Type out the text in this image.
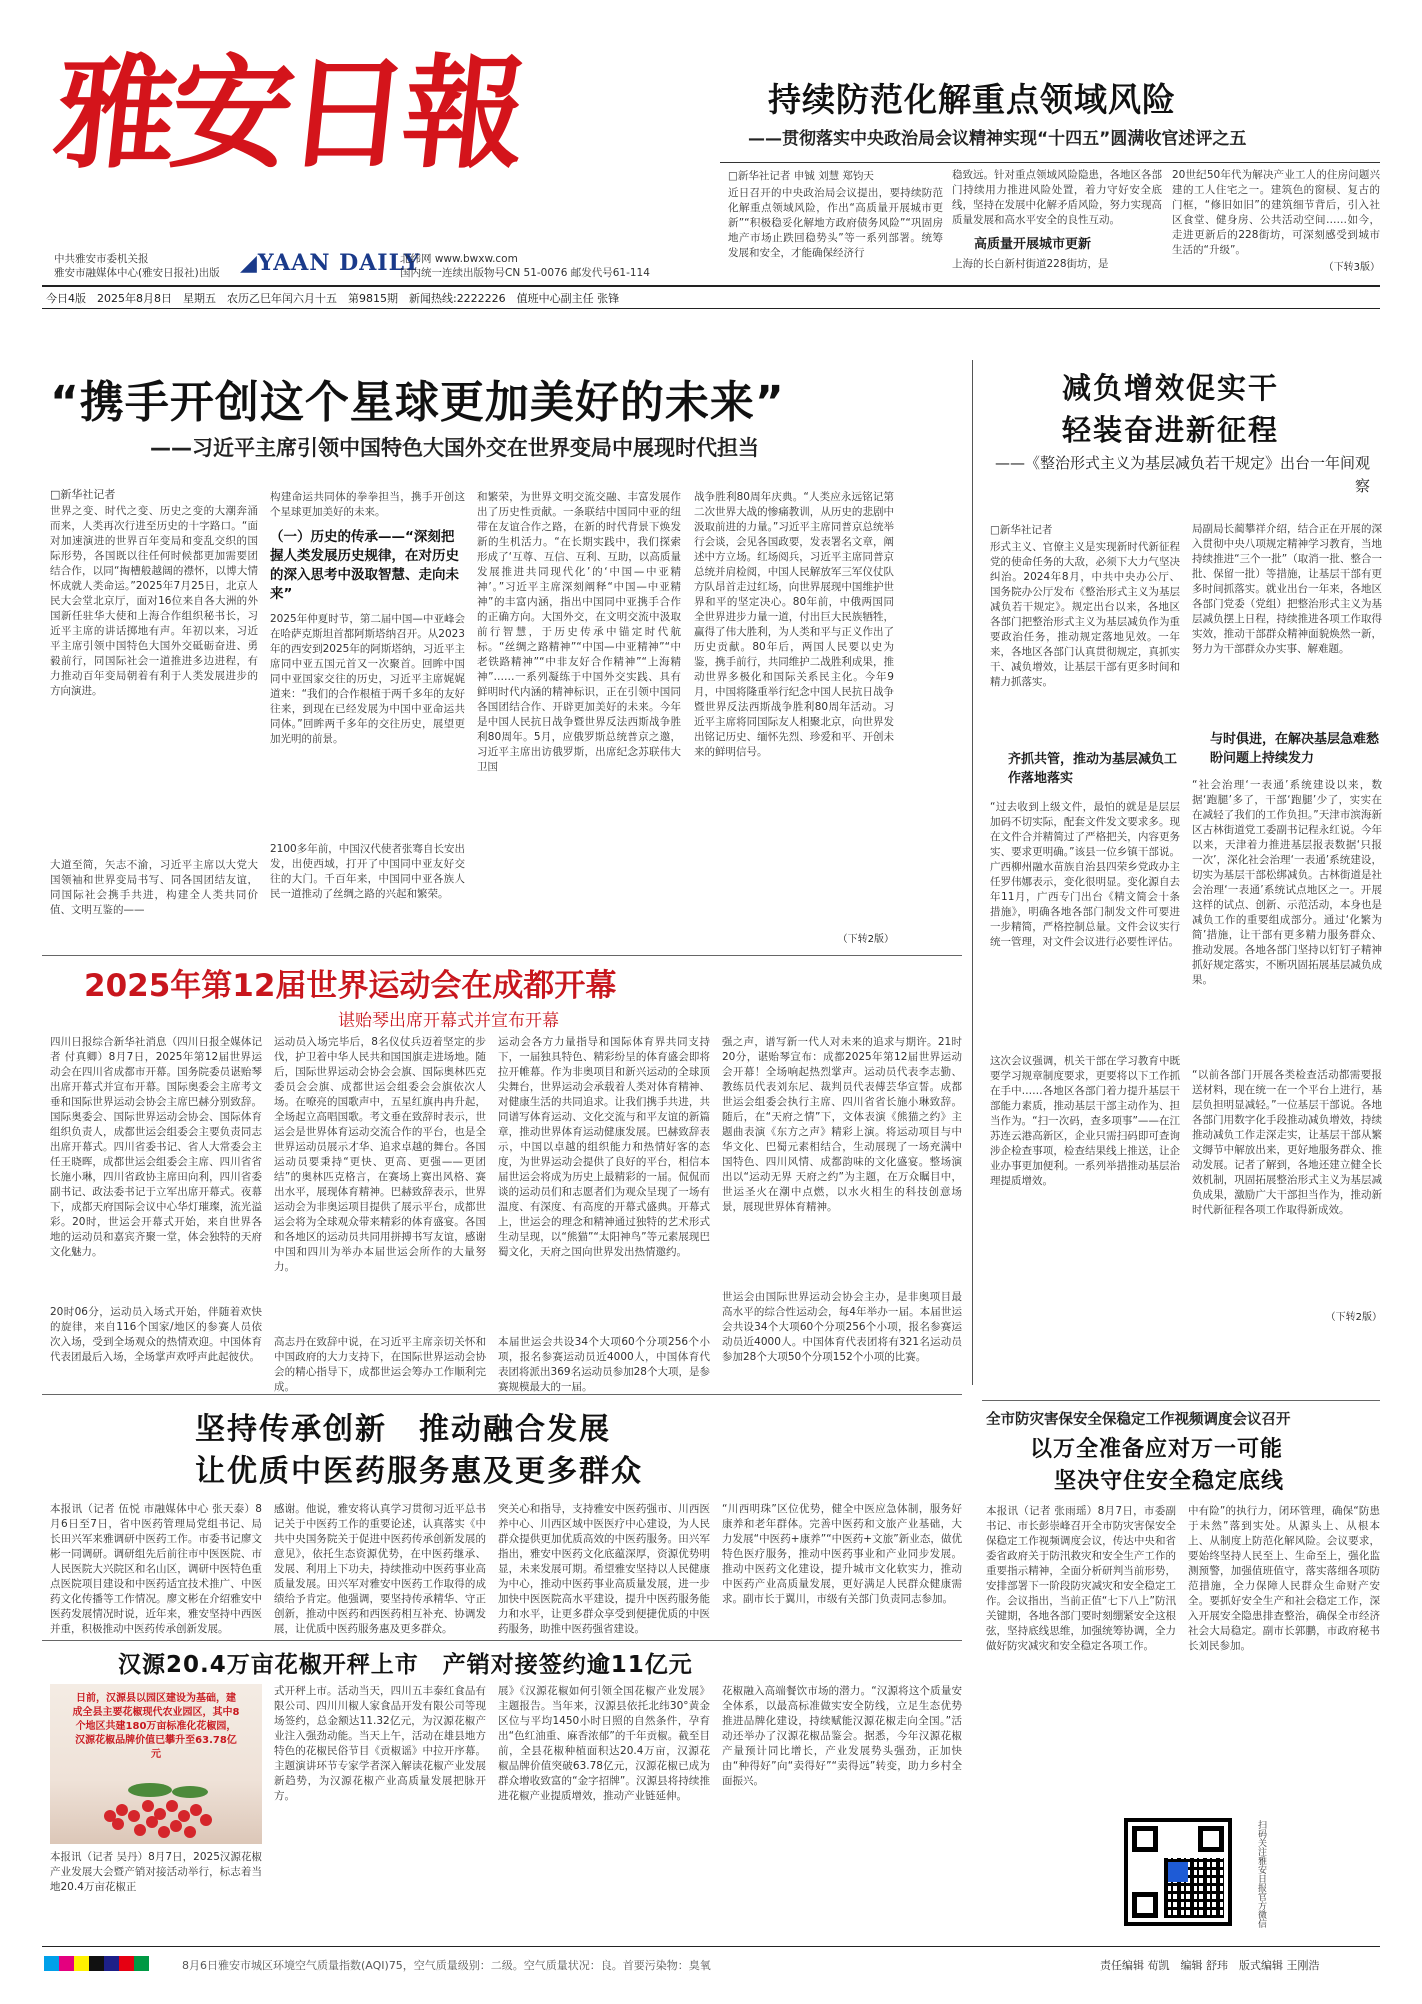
雅安日報
中共雅安市委机关报
雅安市融媒体中心(雅安日报社)出版 ◢YAAN DAILY
北纬网 www.bwxw.com
国内统一连续出版物号CN 51-0076 邮发代号61-114
今日4版　2025年8月8日　星期五　农历乙巳年闰六月十五　第9815期　新闻热线:2222226　值班中心副主任 张锋
持续防范化解重点领域风险
——贯彻落实中央政治局会议精神实现“十四五”圆满收官述评之五
□新华社记者 申铖 刘慧 郑钧天
近日召开的中央政治局会议提出，要持续防范化解重点领域风险，作出“高质量开展城市更新”“积极稳妥化解地方政府债务风险”“巩固房地产市场止跌回稳势头”等一系列部署。统筹发展和安全，才能确保经济行
稳致远。针对重点领域风险隐患，各地区各部门持续用力推进风险处置，着力守好安全底线，坚持在发展中化解矛盾风险，努力实现高质量发展和高水平安全的良性互动。
高质量开展城市更新
上海的长白新村街道228街坊，是
20世纪50年代为解决产业工人的住房问题兴建的工人住宅之一。建筑色的窗棂、复古的门框，“修旧如旧”的建筑细节背后，引入社区食堂、健身房、公共活动空间……如今，走进更新后的228街坊，可深刻感受到城市生活的“升级”。
（下转3版）
“携手开创这个星球更加美好的未来”
——习近平主席引领中国特色大国外交在世界变局中展现时代担当
□新华社记者
世界之变、时代之变、历史之变的大潮奔涌而来，人类再次行进至历史的十字路口。“面对加速演进的世界百年变局和变乱交织的国际形势，各国既以往任何时候都更加需要团结合作，以同“掏槽般越阔的襟怀，以博大情怀成就人类命运。”2025年7月25日，北京人民大会堂北京厅，面对16位来自各大洲的外国新任驻华大使和上海合作组织秘书长，习近平主席的讲话掷地有声。年初以来，习近平主席引领中国特色大国外交砥砺奋进、勇毅前行，同国际社会一道推进多边进程，有力推动百年变局朝着有利于人类发展进步的方向演进。
大道至简，矢志不渝，习近平主席以大党大国领袖和世界变局书写、同各国团结友谊，同国际社会携手共进，构建全人类共同价值、文明互鉴的——
构建命运共同体的拳拳担当，携手开创这个星球更加美好的未来。
（一）历史的传承——“深刻把握人类发展历史规律，在对历史的深入思考中汲取智慧、走向未来”
2025年仲夏时节，第二届中国—中亚峰会在哈萨克斯坦首都阿斯塔纳召开。从2023年的西安到2025年的阿斯塔纳，习近平主席同中亚五国元首又一次聚首。回眸中国同中亚国家交往的历史，习近平主席娓娓道来：“我们的合作根植于两千多年的友好往来，到现在已经发展为中国中亚命运共同体。”回眸两千多年的交往历史，展望更加光明的前景。
2100多年前，中国汉代使者张骞自长安出发，出使西域，打开了中国同中亚友好交往的大门。千百年来，中国同中亚各族人民一道推动了丝绸之路的兴起和繁荣。
和繁荣，为世界文明交流交融、丰富发展作出了历史性贡献。一条联结中国同中亚的纽带在友谊合作之路，在新的时代背景下焕发新的生机活力。“在长期实践中，我们探索形成了‘互尊、互信、互利、互助，以高质量发展推进共同现代化’的‘中国—中亚精神’。”习近平主席深刻阐释“中国—中亚精神”的丰富内涵，指出中国同中亚携手合作的正确方向。大国外交，在文明交流中汲取前行智慧，于历史传承中锚定时代航标。“丝绸之路精神”“中国—中亚精神”“中老铁路精神”“中非友好合作精神”“上海精神”……一系列凝练于中国外交实践、具有鲜明时代内涵的精神标识，正在引领中国同各国团结合作、开辟更加美好的未来。今年是中国人民抗日战争暨世界反法西斯战争胜利80周年。5月，应俄罗斯总统普京之邀，习近平主席出访俄罗斯，出席纪念苏联伟大卫国
战争胜利80周年庆典。“人类应永远铭记第二次世界大战的惨痛教训，从历史的悲剧中汲取前进的力量。”习近平主席同普京总统举行会谈，会见各国政要，发表署名文章，阐述中方立场。红场阅兵，习近平主席同普京总统并肩检阅，中国人民解放军三军仪仗队方队昂首走过红场，向世界展现中国维护世界和平的坚定决心。80年前，中俄两国同全世界进步力量一道，付出巨大民族牺牲，赢得了伟大胜利，为人类和平与正义作出了历史贡献。80年后，两国人民要以史为鉴，携手前行，共同维护二战胜利成果，推动世界多极化和国际关系民主化。今年9月，中国将隆重举行纪念中国人民抗日战争暨世界反法西斯战争胜利80周年活动。习近平主席将同国际友人相聚北京，向世界发出铭记历史、缅怀先烈、珍爱和平、开创未来的鲜明信号。
（下转2版）
减负增效促实干
轻装奋进新征程
——《整治形式主义为基层减负若干规定》出台一年间观察
□新华社记者
形式主义、官僚主义是实现新时代新征程党的使命任务的大敌，必须下大力气坚决纠治。2024年8月，中共中央办公厅、国务院办公厅发布《整治形式主义为基层减负若干规定》。规定出台以来，各地区各部门把整治形式主义为基层减负作为重要政治任务，推动规定落地见效。一年来，各地区各部门认真贯彻规定，真抓实干、减负增效，让基层干部有更多时间和精力抓落实。
齐抓共管，推动为基层减负工作落地落实
“过去收到上级文件，最怕的就是是层层加码不切实际，配套文件发文要求多。现在文件合并精简过了严格把关，内容更务实、要求更明确。”该县一位乡镇干部说。广西柳州融水苗族自治县四荣乡党政办主任罗伟娜表示，变化很明显。变化源自去年11月，广西专门出台《精文简会十条措施》，明确各地各部门制发文件可要进一步精简，严格控制总量。文件会议实行统一管理，对文件会议进行必要性评估。
这次会议强调，机关干部在学习教育中既要学习规章制度要求，更要将以下工作抓在手中……各地区各部门着力提升基层干部能力素质，推动基层干部主动作为、担当作为。“扫一次码，查多项事”——在江苏连云港高新区，企业只需扫码即可查询涉企检查事项，检查结果线上推送，让企业办事更加便利。一系列举措推动基层治理提质增效。
局副局长蔺攀祥介绍，结合正在开展的深入贯彻中央八项规定精神学习教育，当地持续推进“三个一批”（取消一批、整合一批、保留一批）等措施，让基层干部有更多时间抓落实。就业出台一年来，各地区各部门党委（党组）把整治形式主义为基层减负摆上日程，持续推进各项工作取得实效，推动干部群众精神面貌焕然一新，努力为干部群众办实事、解难题。
与时俱进，在解决基层急难愁盼问题上持续发力
“社会治理‘一表通’系统建设以来，数据‘跑腿’多了，干部‘跑腿’少了，实实在在减轻了我们的工作负担。”天津市滨海新区古林街道党工委副书记程永红说。今年以来，天津着力推进基层报表数据‘只报一次’，深化社会治理‘一表通’系统建设，切实为基层干部松绑减负。古林街道是社会治理‘一表通’系统试点地区之一。开展这样的试点、创新、示范活动，本身也是减负工作的重要组成部分。通过‘化繁为简’措施，让干部有更多精力服务群众、推动发展。各地各部门坚持以钉钉子精神抓好规定落实，不断巩固拓展基层减负成果。
“以前各部门开展各类检查活动都需要报送材料，现在统一在一个平台上进行，基层负担明显减轻。”一位基层干部说。各地各部门用数字化手段推动减负增效，持续推动减负工作走深走实，让基层干部从繁文缛节中解放出来，更好地服务群众、推动发展。记者了解到，各地还建立健全长效机制，巩固拓展整治形式主义为基层减负成果，激励广大干部担当作为，推动新时代新征程各项工作取得新成效。
（下转2版）
2025年第12届世界运动会在成都开幕
谌贻琴出席开幕式并宣布开幕
四川日报综合新华社消息（四川日报全媒体记者 付真卿）8月7日，2025年第12届世界运动会在四川省成都市开幕。国务院委员谌贻琴出席开幕式并宣布开幕。国际奥委会主席考文垂和国际世界运动会协会主席巴赫分别致辞。国际奥委会、国际世界运动会协会、国际体育组织负责人，成都世运会组委会主要负责同志出席开幕式。四川省委书记、省人大常委会主任王晓晖，成都世运会组委会主席、四川省省长施小琳，四川省政协主席田向利，四川省委副书记、政法委书记于立军出席开幕式。夜幕下，成都天府国际会议中心华灯璀璨，流光溢彩。20时，世运会开幕式开始，来自世界各地的运动员和嘉宾齐聚一堂，体会独特的天府文化魅力。
20时06分，运动员入场式开始，伴随着欢快的旋律，来自116个国家/地区的参赛人员依次入场，受到全场观众的热情欢迎。中国体育代表团最后入场，全场掌声欢呼声此起彼伏。
运动员入场完毕后，8名仪仗兵迈着坚定的步伐，护卫着中华人民共和国国旗走进场地。随后，国际世界运动会协会会旗、国际奥林匹克委员会会旗、成都世运会组委会会旗依次人场。在嘹亮的国歌声中，五星红旗冉冉升起，全场起立高唱国歌。考文垂在致辞时表示，世运会是世界体育运动交流合作的平台，也是全世界运动员展示才华、追求卓越的舞台。各国运动员要秉持“更快、更高、更强——更团结”的奥林匹克格言，在赛场上赛出风格、赛出水平，展现体育精神。巴赫致辞表示，世界运动会为非奥运项目提供了展示平台，成都世运会将为全球观众带来精彩的体育盛宴。各国和各地区的运动员共同用拼搏书写友谊，感谢中国和四川为举办本届世运会所作的大量努力。
高志丹在致辞中说，在习近平主席亲切关怀和中国政府的大力支持下，在国际世界运动会协会的精心指导下，成都世运会筹办工作顺利完成。
运动会各方力量指导和国际体育界共同支持下，一届独具特色、精彩纷呈的体育盛会即将拉开帷幕。作为非奥项目和新兴运动的全球顶尖舞台，世界运动会承载着人类对体育精神、对健康生活的共同追求。让我们携手共进，共同谱写体育运动、文化交流与和平友谊的新篇章，推动世界体育运动健康发展。巴赫致辞表示，中国以卓越的组织能力和热情好客的态度，为世界运动会提供了良好的平台，相信本届世运会将成为历史上最精彩的一届。侃侃而谈的运动员们和志愿者们为观众呈现了一场有温度、有深度、有高度的开幕式盛典。开幕式上，世运会的理念和精神通过独特的艺术形式生动呈现，以“熊猫”“太阳神鸟”等元素展现巴蜀文化，天府之国向世界发出热情邀约。
本届世运会共设34个大项60个分项256个小项，报名参赛运动员近4000人，中国体育代表团将派出369名运动员参加28个大项，是参赛规模最大的一届。
强之声，谱写新一代人对未来的追求与期许。21时20分，谌贻琴宣布：成都2025年第12届世界运动会开幕！全场响起热烈掌声。运动员代表李志勤、教练员代表刘东尼、裁判员代表傅芸华宣誓。成都世运会组委会执行主席、四川省省长施小琳致辞。随后，在“天府之情”下，文体表演《熊猫之约》主题曲表演《东方之声》精彩上演。将运动项目与中华文化、巴蜀元素相结合，生动展现了一场充满中国特色、四川风情、成都韵味的文化盛宴。整场演出以“运动无界 天府之约”为主题，在万众瞩目中，世运圣火在潮中点燃，以水火相生的科技创意场景，展现世界体育精神。
世运会由国际世界运动会协会主办，是非奥项目最高水平的综合性运动会，每4年举办一届。本届世运会共设34个大项60个分项256个小项，报名参赛运动员近4000人。中国体育代表团将有321名运动员参加28个大项50个分项152个小项的比赛。
坚持传承创新　推动融合发展
让优质中医药服务惠及更多群众
本报讯（记者 伍悦 市融媒体中心 张天泰）8月6日至7日，省中医药管理局党组书记、局长田兴军来雅调研中医药工作。市委书记廖文彬一同调研。调研组先后前往市中医医院、市人民医院大兴院区和名山区，调研中医特色重点医院项目建设和中医药适宜技术推广、中医药文化传播等工作情况。廖文彬在介绍雅安中医药发展情况时说，近年来，雅安坚持中西医并重，积极推动中医药传承创新发展。
感谢。他说，雅安将认真学习贯彻习近平总书记关于中医药工作的重要论述，认真落实《中共中央国务院关于促进中医药传承创新发展的意见》，依托生态资源优势，在中医药继承、发展、利用上下功夫，持续推动中医药事业高质量发展。田兴军对雅安中医药工作取得的成绩给予肯定。他强调，要坚持传承精华、守正创新，推动中医药和西医药相互补充、协调发展，让优质中医药服务惠及更多群众。
突关心和指导，支持雅安中医药强市、川西医养中心、川西区域中医医疗中心建设，为人民群众提供更加优质高效的中医药服务。田兴军指出，雅安中医药文化底蕴深厚，资源优势明显，未来发展可期。希望雅安坚持以人民健康为中心，推动中医药事业高质量发展，进一步加快中医医院高水平建设，提升中医药服务能力和水平，让更多群众享受到便捷优质的中医药服务，助推中医药强省建设。
“川西明珠”区位优势，健全中医应急体制，服务好康养和老年群体。完善中医药和文旅产业基础，大力发展“中医药+康养”“中医药+文旅”新业态，做优特色医疗服务，推动中医药事业和产业同步发展。推动中医药文化建设，提升城市文化软实力，推动中医药产业高质量发展，更好满足人民群众健康需求。副市长于翼川，市级有关部门负责同志参加。
全市防灾害保安全保稳定工作视频调度会议召开
以万全准备应对万一可能
坚决守住安全稳定底线
本报讯（记者 张雨瑶）8月7日，市委副书记、市长彭崇峰召开全市防灾害保安全保稳定工作视频调度会议，传达中央和省委省政府关于防汛救灾和安全生产工作的重要指示精神，全面分析研判当前形势，安排部署下一阶段防灾减灾和安全稳定工作。会议指出，当前正值“七下八上”防汛关键期，各地各部门要时刻绷紧安全这根弦，坚持底线思维，加强统筹协调，全力做好防灾减灾和安全稳定各项工作。
中有险”的执行力，闭环管理，确保“防患于未然”落到实处。从源头上、从根本上、从制度上防范化解风险。会议要求，要始终坚持人民至上、生命至上，强化监测预警，加强值班值守，落实落细各项防范措施，全力保障人民群众生命财产安全。要抓好安全生产和社会稳定工作，深入开展安全隐患排查整治，确保全市经济社会大局稳定。副市长郭鹏，市政府秘书长刘民参加。
扫码关注雅安日报官方微信
汉源20.4万亩花椒开秤上市　产销对接签约逾11亿元
日前，汉源县以园区建设为基础，建成全县主要花椒现代农业园区，其中8个地区共建180万亩标准化花椒园，汉源花椒品牌价值已攀升至63.78亿元
本报讯（记者 吴丹）8月7日，2025汉源花椒产业发展大会暨产销对接活动举行，标志着当地20.4万亩花椒正
式开秤上市。活动当天，四川五丰泰红食品有限公司、四川川椒人家食品开发有限公司等现场签约，总金额达11.32亿元，为汉源花椒产业注入强劲动能。当天上午，活动在雄县地方特色的花椒民俗节目《贡椒谣》中拉开序幕。主题演讲环节专家学者深入解读花椒产业发展新趋势，为汉源花椒产业高质量发展把脉开方。
展》《汉源花椒如何引领全国花椒产业发展》主题报告。当年来，汉源县依托北纬30°黄金区位与平均1450小时日照的自然条件，孕育出“色红油重、麻香浓郁”的千年贡椒。截至目前，全县花椒种植面积达20.4万亩，汉源花椒品牌价值突破63.78亿元，汉源花椒已成为群众增收致富的“金字招牌”。汉源县将持续推进花椒产业提质增效，推动产业链延伸。
花椒融入高端餐饮市场的潜力。“汉源将这个质量安全体系，以最高标准做实安全防线，立足生态优势推进品牌化建设，持续赋能汉源花椒走向全国。”活动还举办了汉源花椒品鉴会。据悉，今年汉源花椒产量预计同比增长，产业发展势头强劲，正加快由“种得好”向“卖得好”“卖得远”转变，助力乡村全面振兴。
8月6日雅安市城区环境空气质量指数(AQI)75，空气质量级别：二级。空气质量状况：良。首要污染物：臭氧	责任编辑 荀凯　编辑 舒玮　版式编辑 王刚浩
